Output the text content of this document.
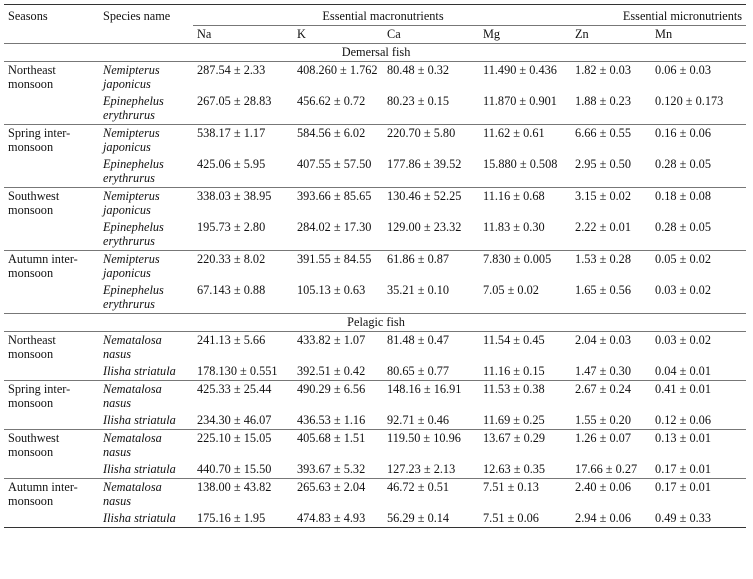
Seasons	Species name	Essential macronutrients				Essential micronutrients	
		Na	K	Ca	Mg	Zn	Mn
Demersal fish							
Northeast monsoon	Nemipterus japonicus	287.54 ± 2.33	408.260 ± 1.762	80.48 ± 0.32	11.490 ± 0.436	1.82 ± 0.03	0.06 ± 0.03
	Epinephelus erythrurus	267.05 ± 28.83	456.62 ± 0.72	80.23 ± 0.15	11.870 ± 0.901	1.88 ± 0.23	0.120 ± 0.173
Spring inter-monsoon	Nemipterus japonicus	538.17 ± 1.17	584.56 ± 6.02	220.70 ± 5.80	11.62 ± 0.61	6.66 ± 0.55	0.16 ± 0.06
	Epinephelus erythrurus	425.06 ± 5.95	407.55 ± 57.50	177.86 ± 39.52	15.880 ± 0.508	2.95 ± 0.50	0.28 ± 0.05
Southwest monsoon	Nemipterus japonicus	338.03 ± 38.95	393.66 ± 85.65	130.46 ± 52.25	11.16 ± 0.68	3.15 ± 0.02	0.18 ± 0.08
	Epinephelus erythrurus	195.73 ± 2.80	284.02 ± 17.30	129.00 ± 23.32	11.83 ± 0.30	2.22 ± 0.01	0.28 ± 0.05
Autumn inter-monsoon	Nemipterus japonicus	220.33 ± 8.02	391.55 ± 84.55	61.86 ± 0.87	7.830 ± 0.005	1.53 ± 0.28	0.05 ± 0.02
	Epinephelus erythrurus	67.143 ± 0.88	105.13 ± 0.63	35.21 ± 0.10	7.05 ± 0.02	1.65 ± 0.56	0.03 ± 0.02
Pelagic fish							
Northeast monsoon	Nematalosa nasus	241.13 ± 5.66	433.82 ± 1.07	81.48 ± 0.47	11.54 ± 0.45	2.04 ± 0.03	0.03 ± 0.02
	Ilisha striatula	178.130 ± 0.551	392.51 ± 0.42	80.65 ± 0.77	11.16 ± 0.15	1.47 ± 0.30	0.04 ± 0.01
Spring inter-monsoon	Nematalosa nasus	425.33 ± 25.44	490.29 ± 6.56	148.16 ± 16.91	11.53 ± 0.38	2.67 ± 0.24	0.41 ± 0.01
	Ilisha striatula	234.30 ± 46.07	436.53 ± 1.16	92.71 ± 0.46	11.69 ± 0.25	1.55 ± 0.20	0.12 ± 0.06
Southwest monsoon	Nematalosa nasus	225.10 ± 15.05	405.68 ± 1.51	119.50 ± 10.96	13.67 ± 0.29	1.26 ± 0.07	0.13 ± 0.01
	Ilisha striatula	440.70 ± 15.50	393.67 ± 5.32	127.23 ± 2.13	12.63 ± 0.35	17.66 ± 0.27	0.17 ± 0.01
Autumn inter-monsoon	Nematalosa nasus	138.00 ± 43.82	265.63 ± 2.04	46.72 ± 0.51	7.51 ± 0.13	2.40 ± 0.06	0.17 ± 0.01
	Ilisha striatula	175.16 ± 1.95	474.83 ± 4.93	56.29 ± 0.14	7.51 ± 0.06	2.94 ± 0.06	0.49 ± 0.33
